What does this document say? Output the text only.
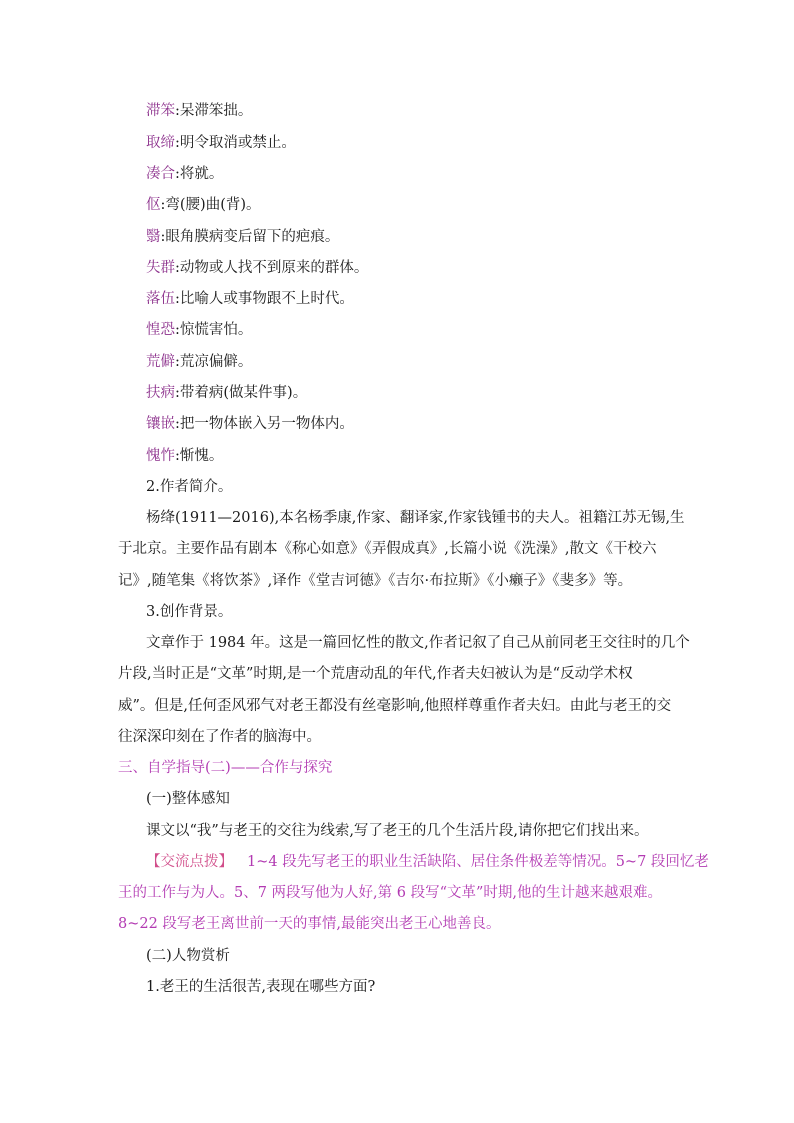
滞笨:呆滞笨拙。
取缔:明令取消或禁止。
凑合:将就。
伛:弯(腰)曲(背)。
翳:眼角膜病变后留下的疤痕。
失群:动物或人找不到原来的群体。
落伍:比喻人或事物跟不上时代。
惶恐:惊慌害怕。
荒僻:荒凉偏僻。
扶病:带着病(做某件事)。
镶嵌:把一物体嵌入另一物体内。
愧怍:惭愧。
2.作者简介。
杨绛(1911—2016),本名杨季康,作家、翻译家,作家钱锺书的夫人。祖籍江苏无锡,生
于北京。主要作品有剧本《称心如意》《弄假成真》,长篇小说《洗澡》,散文《干校六
记》,随笔集《将饮茶》,译作《堂吉诃德》《吉尔·布拉斯》《小癞子》《斐多》等。
3.创作背景。
文章作于 1984 年。这是一篇回忆性的散文,作者记叙了自己从前同老王交往时的几个
片段,当时正是“文革”时期,是一个荒唐动乱的年代,作者夫妇被认为是“反动学术权
威”。但是,任何歪风邪气对老王都没有丝毫影响,他照样尊重作者夫妇。由此与老王的交
往深深印刻在了作者的脑海中。
三、自学指导(二)——合作与探究
(一)整体感知
课文以“我”与老王的交往为线索,写了老王的几个生活片段,请你把它们找出来。
【交流点拨】 1~4 段先写老王的职业生活缺陷、居住条件极差等情况。5~7 段回忆老
王的工作与为人。5、7 两段写他为人好,第 6 段写“文革”时期,他的生计越来越艰难。
8~22 段写老王离世前一天的事情,最能突出老王心地善良。
(二)人物赏析
1.老王的生活很苦,表现在哪些方面?
